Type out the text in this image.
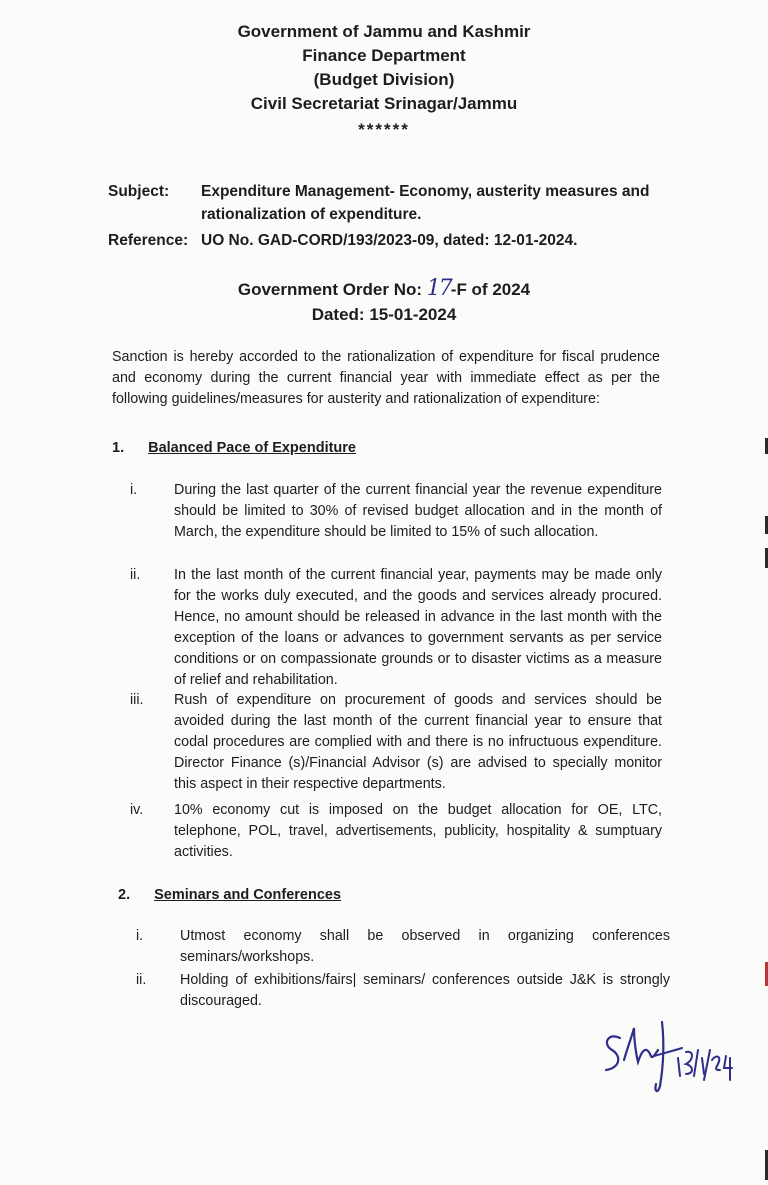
Government of Jammu and Kashmir
Finance Department
(Budget Division)
Civil Secretariat Srinagar/Jammu
******
Subject: Expenditure Management- Economy, austerity measures and
rationalization of expenditure.
Reference: UO No. GAD-CORD/193/2023-09, dated: 12-01-2024.
Government Order No: 17-F of 2024
Dated: 15-01-2024
Sanction is hereby accorded to the rationalization of expenditure for fiscal prudence and economy during the current financial year with immediate effect as per the following guidelines/measures for austerity and rationalization of expenditure:
1. Balanced Pace of Expenditure
i.	During the last quarter of the current financial year the revenue expenditure should be limited to 30% of revised budget allocation and in the month of March, the expenditure should be limited to 15% of such allocation.
ii. In the last month of the current financial year, payments may be made only for the works duly executed, and the goods and services already procured. Hence, no amount should be released in advance in the last month with the exception of the loans or advances to government servants as per service conditions or on compassionate grounds or to disaster victims as a measure of relief and rehabilitation.
iii. Rush of expenditure on procurement of goods and services should be avoided during the last month of the current financial year to ensure that codal procedures are complied with and there is no infructuous expenditure. Director Finance (s)/Financial Advisor (s) are advised to specially monitor this aspect in their respective departments.
iv. 10% economy cut is imposed on the budget allocation for OE, LTC, telephone, POL, travel, advertisements, publicity, hospitality & sumptuary activities.
2. Seminars and Conferences
i.	Utmost economy shall be observed in organizing conferences seminars/workshops.
ii. Holding of exhibitions/fairs| seminars/ conferences outside J&K is strongly discouraged.
